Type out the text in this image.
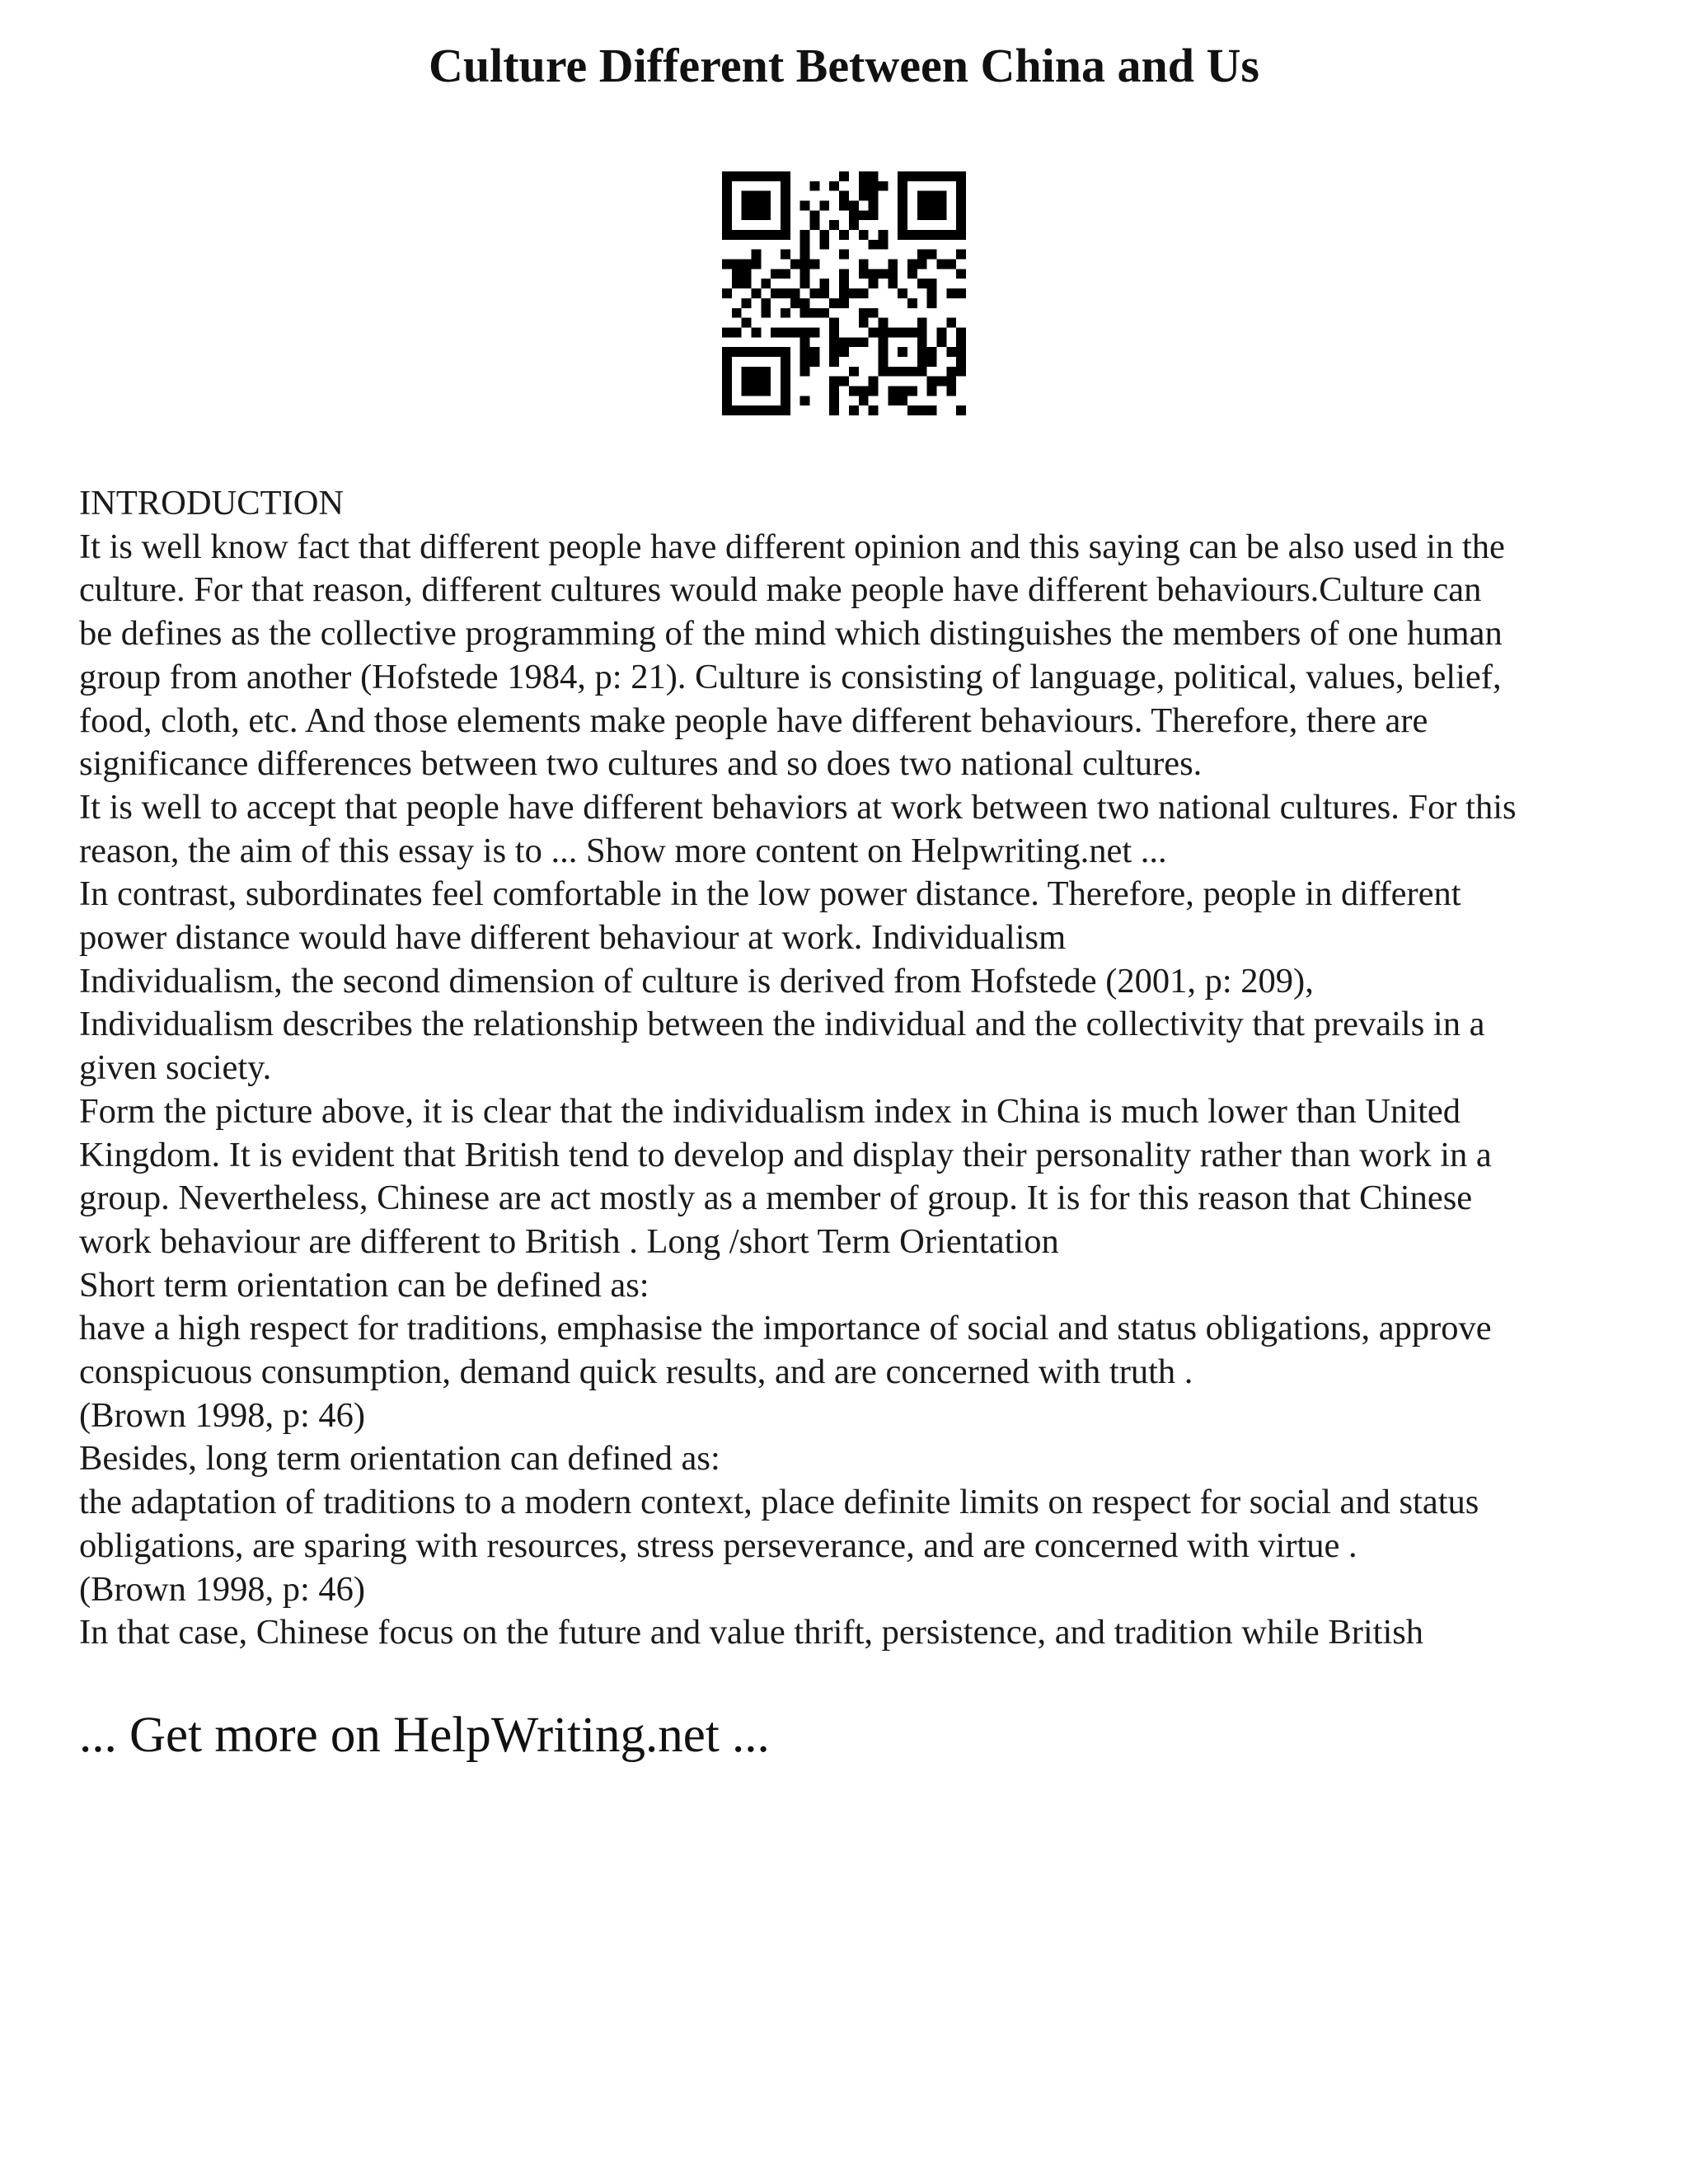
Culture Different Between China and Us
INTRODUCTION
It is well know fact that different people have different opinion and this saying can be also used in the
culture. For that reason, different cultures would make people have different behaviours.Culture can
be defines as the collective programming of the mind which distinguishes the members of one human
group from another (Hofstede 1984, p: 21). Culture is consisting of language, political, values, belief,
food, cloth, etc. And those elements make people have different behaviours. Therefore, there are
significance differences between two cultures and so does two national cultures.
It is well to accept that people have different behaviors at work between two national cultures. For this
reason, the aim of this essay is to ... Show more content on Helpwriting.net ...
In contrast, subordinates feel comfortable in the low power distance. Therefore, people in different
power distance would have different behaviour at work. Individualism
Individualism, the second dimension of culture is derived from Hofstede (2001, p: 209),
Individualism describes the relationship between the individual and the collectivity that prevails in a
given society.
Form the picture above, it is clear that the individualism index in China is much lower than United
Kingdom. It is evident that British tend to develop and display their personality rather than work in a
group. Nevertheless, Chinese are act mostly as a member of group. It is for this reason that Chinese
work behaviour are different to British . Long /short Term Orientation
Short term orientation can be defined as:
have a high respect for traditions, emphasise the importance of social and status obligations, approve
conspicuous consumption, demand quick results, and are concerned with truth .
(Brown 1998, p: 46)
Besides, long term orientation can defined as:
the adaptation of traditions to a modern context, place definite limits on respect for social and status
obligations, are sparing with resources, stress perseverance, and are concerned with virtue .
(Brown 1998, p: 46)
In that case, Chinese focus on the future and value thrift, persistence, and tradition while British
... Get more on HelpWriting.net ...
